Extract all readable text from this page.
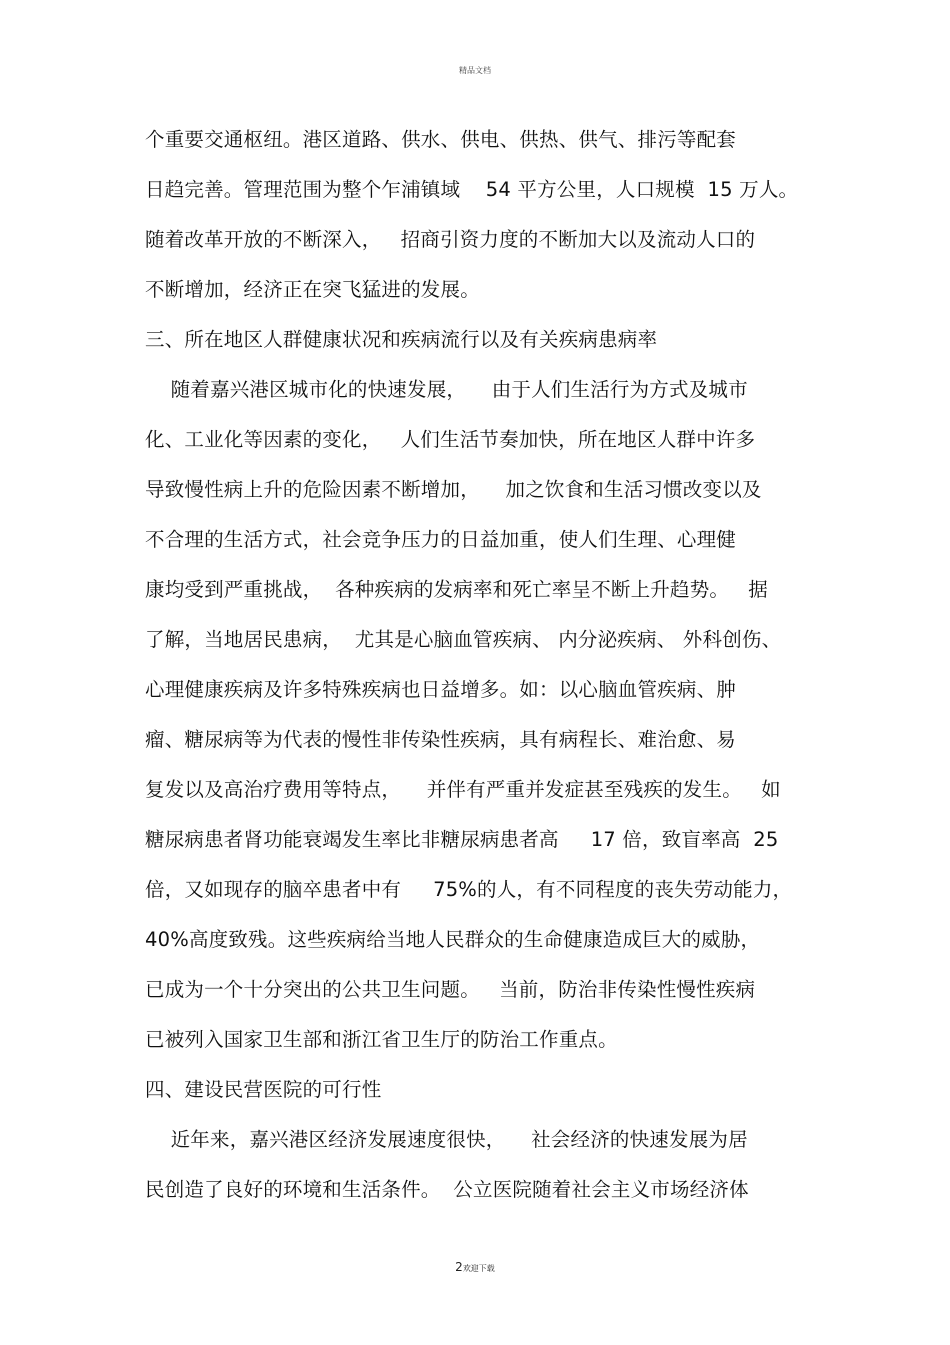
精品文档
个重要交通枢纽。港区道路、供水、供电、供热、供气、排污等配套
日趋完善。管理范围为整个乍浦镇域    54 平方公里，人口规模  15 万人。
随着改革开放的不断深入，   招商引资力度的不断加大以及流动人口的
不断增加，经济正在突飞猛进的发展。
三、所在地区人群健康状况和疾病流行以及有关疾病患病率
随着嘉兴港区城市化的快速发展，    由于人们生活行为方式及城市
化、工业化等因素的变化，   人们生活节奏加快，所在地区人群中许多
导致慢性病上升的危险因素不断增加，    加之饮食和生活习惯改变以及
不合理的生活方式，社会竞争压力的日益加重，使人们生理、心理健
康均受到严重挑战，  各种疾病的发病率和死亡率呈不断上升趋势。   据
了解，当地居民患病，  尤其是心脑血管疾病、 内分泌疾病、 外科创伤、
心理健康疾病及许多特殊疾病也日益增多。如：以心脑血管疾病、肿
瘤、糖尿病等为代表的慢性非传染性疾病，具有病程长、难治愈、易
复发以及高治疗费用等特点，    并伴有严重并发症甚至残疾的发生。   如
糖尿病患者肾功能衰竭发生率比非糖尿病患者高     17 倍，致盲率高  25
倍，又如现存的脑卒患者中有     75%的人，有不同程度的丧失劳动能力，
40%高度致残。这些疾病给当地人民群众的生命健康造成巨大的威胁，
已成为一个十分突出的公共卫生问题。   当前，防治非传染性慢性疾病
已被列入国家卫生部和浙江省卫生厅的防治工作重点。
四、建设民营医院的可行性
近年来，嘉兴港区经济发展速度很快，    社会经济的快速发展为居
民创造了良好的环境和生活条件。  公立医院随着社会主义市场经济体
2欢迎下载
